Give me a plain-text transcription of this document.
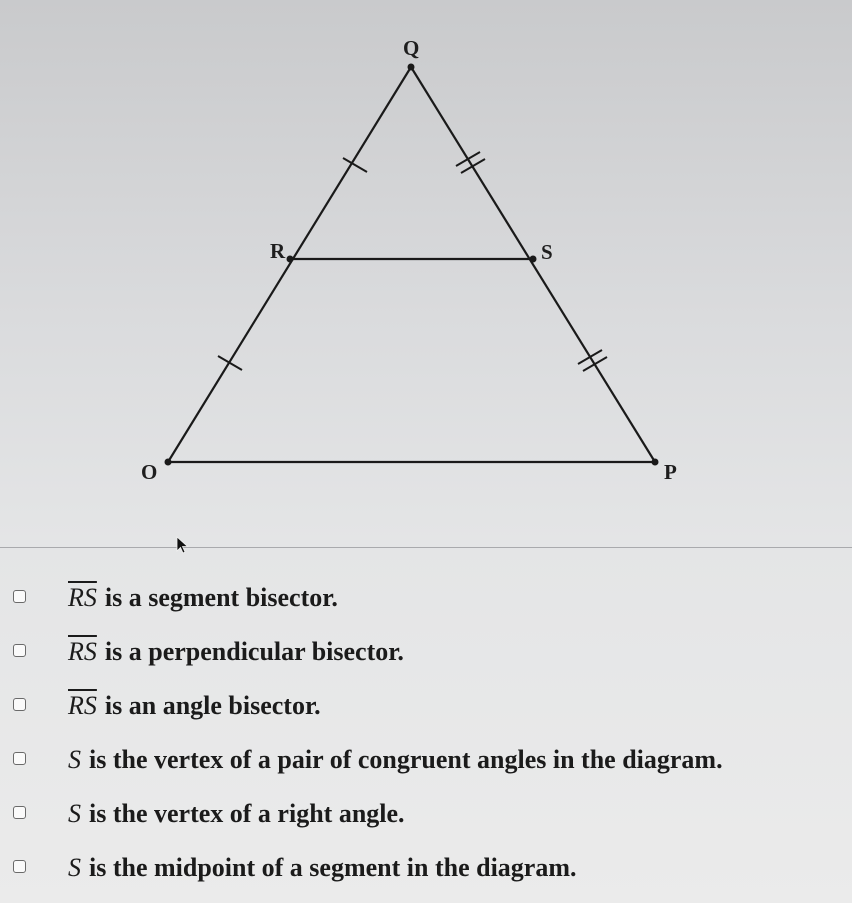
Q
R	S
O	P
$\overline{RS}$ is a segment bisector.
$\overline{RS}$ is a perpendicular bisector.
$\overline{RS}$ is an angle bisector.
S is the vertex of a pair of congruent angles in the diagram.
S is the vertex of a right angle.
S is the midpoint of a segment in the diagram.
